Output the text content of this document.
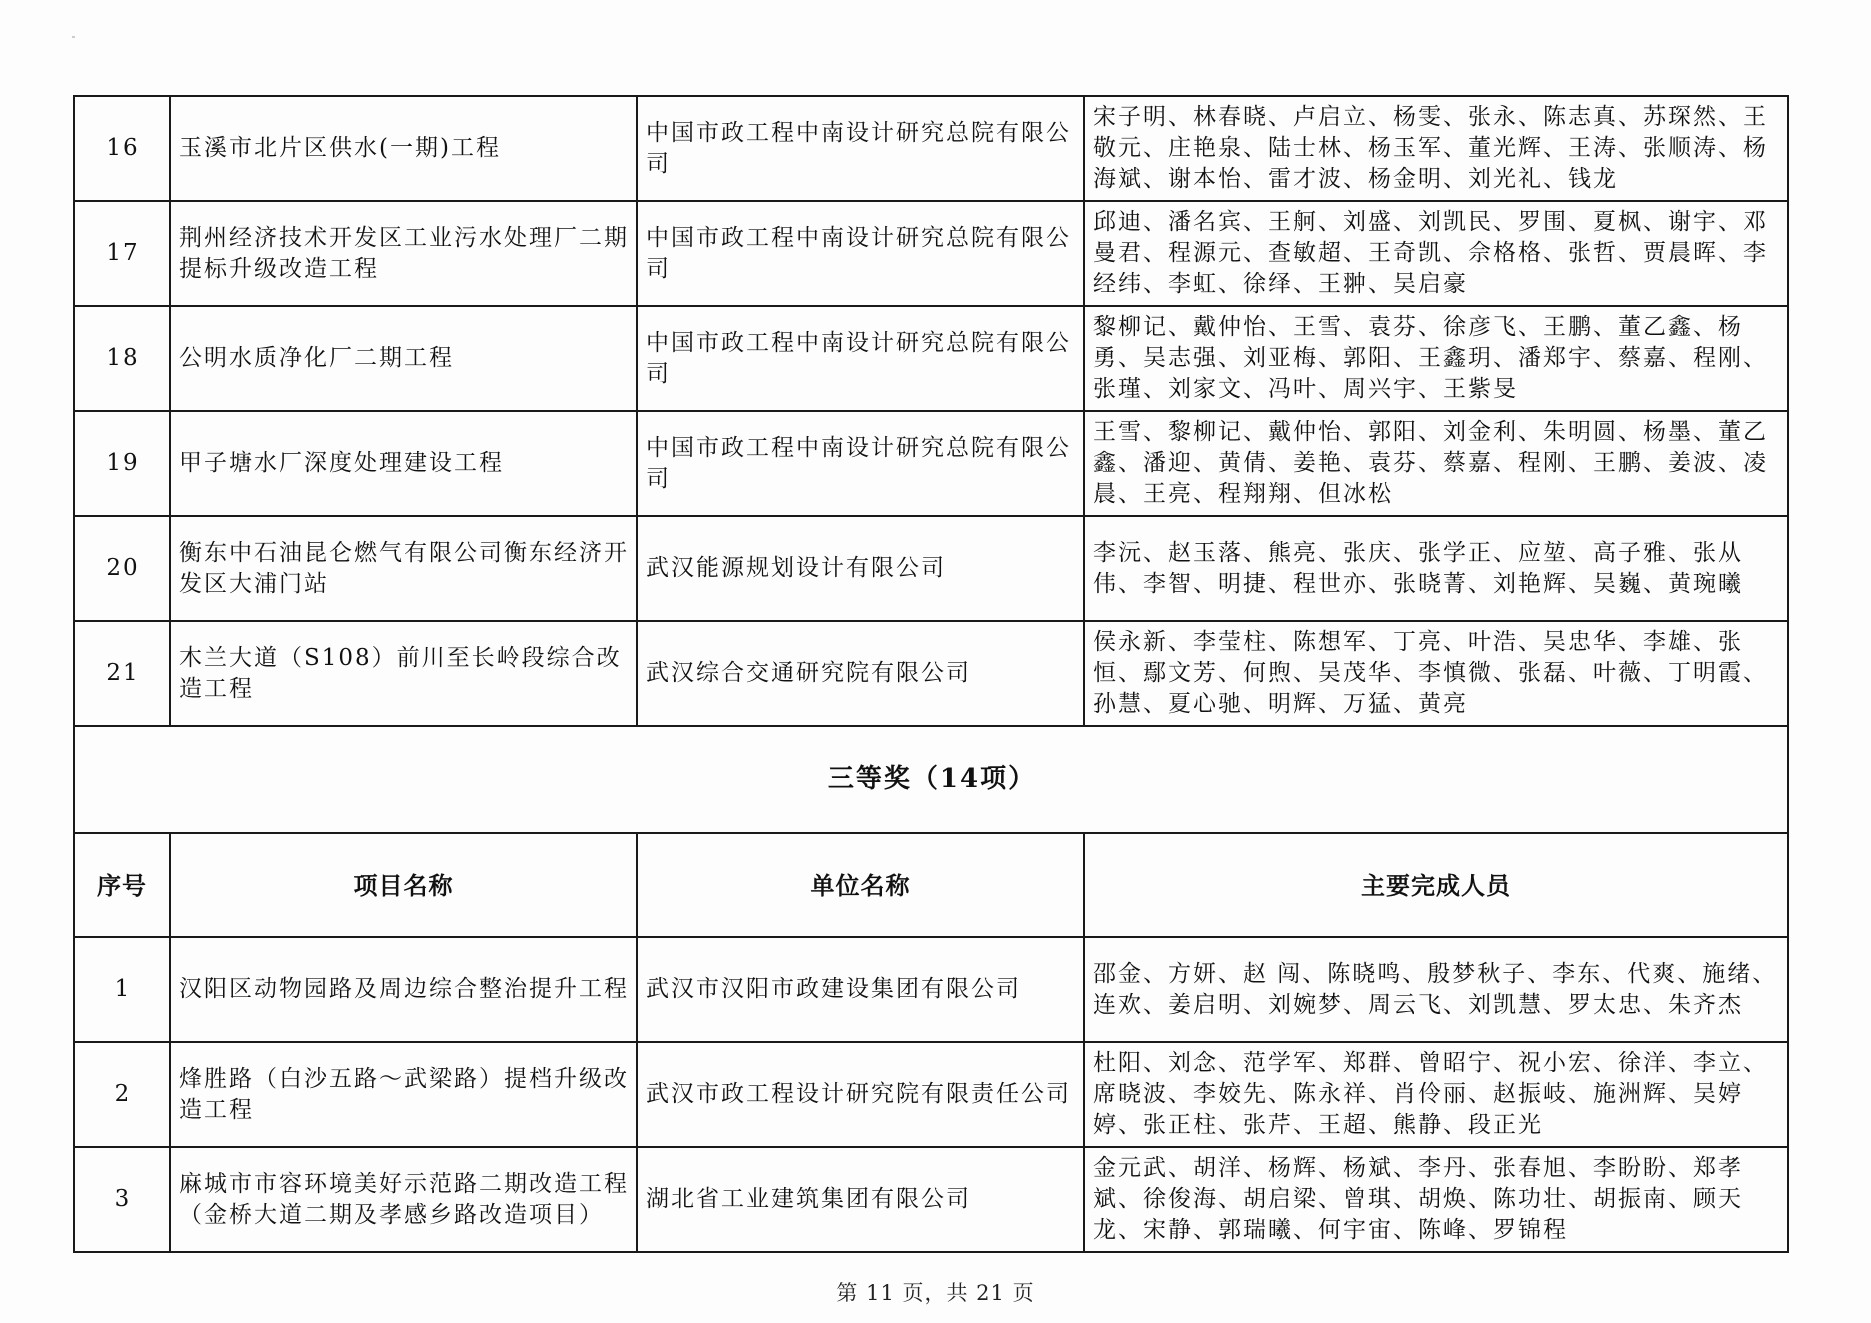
16	玉溪市北片区供水(一期)工程	中国市政工程中南设计研究总院有限公司	宋子明、林春晓、卢启立、杨雯、张永、陈志真、苏琛然、王敬元、庄艳泉、陆士林、杨玉军、董光辉、王涛、张顺涛、杨海斌、谢本怡、雷才波、杨金明、刘光礼、钱龙
17	荆州经济技术开发区工业污水处理厂二期提标升级改造工程	中国市政工程中南设计研究总院有限公司	邱迪、潘名宾、王舸、刘盛、刘凯民、罗围、夏枫、谢宇、邓曼君、程源元、查敏超、王奇凯、佘格格、张哲、贾晨晖、李经纬、李虹、徐绎、王翀、吴启豪
18	公明水质净化厂二期工程	中国市政工程中南设计研究总院有限公司	黎柳记、戴仲怡、王雪、袁芬、徐彦飞、王鹏、董乙鑫、杨勇、吴志强、刘亚梅、郭阳、王鑫玥、潘郑宇、蔡嘉、程刚、张瑾、刘家文、冯叶、周兴宇、王紫旻
19	甲子塘水厂深度处理建设工程	中国市政工程中南设计研究总院有限公司	王雪、黎柳记、戴仲怡、郭阳、刘金利、朱明圆、杨墨、董乙鑫、潘迎、黄倩、姜艳、袁芬、蔡嘉、程刚、王鹏、姜波、凌晨、王亮、程翔翔、但冰松
20	衡东中石油昆仑燃气有限公司衡东经济开发区大浦门站	武汉能源规划设计有限公司	李沅、赵玉落、熊亮、张庆、张学正、应堃、高子雅、张从伟、李智、明捷、程世亦、张晓菁、刘艳辉、吴巍、黄琬曦
21	木兰大道（S108）前川至长岭段综合改造工程	武汉综合交通研究院有限公司	侯永新、李莹柱、陈想军、丁亮、叶浩、吴忠华、李雄、张恒、鄢文芳、何煦、吴茂华、李慎微、张磊、叶薇、丁明霞、孙慧、夏心驰、明辉、万猛、黄亮
三等奖（14项）			
序号	项目名称	单位名称	主要完成人员
1	汉阳区动物园路及周边综合整治提升工程	武汉市汉阳市政建设集团有限公司	邵金、方妍、赵 闯、陈晓鸣、殷梦秋子、李东、代爽、施绪、连欢、姜启明、刘婉梦、周云飞、刘凯慧、罗太忠、朱齐杰
2	烽胜路（白沙五路～武梁路）提档升级改造工程	武汉市政工程设计研究院有限责任公司	杜阳、刘念、范学军、郑群、曾昭宁、祝小宏、徐洋、李立、席晓波、李姣先、陈永祥、肖伶丽、赵振岐、施洲辉、吴婷婷、张正柱、张芹、王超、熊静、段正光
3	麻城市市容环境美好示范路二期改造工程（金桥大道二期及孝感乡路改造项目）	湖北省工业建筑集团有限公司	金元武、胡洋、杨辉、杨斌、李丹、张春旭、李盼盼、郑孝斌、徐俊海、胡启梁、曾琪、胡焕、陈功壮、胡振南、顾天龙、宋静、郭瑞曦、何宇宙、陈峰、罗锦程
第 11 页，共 21 页
